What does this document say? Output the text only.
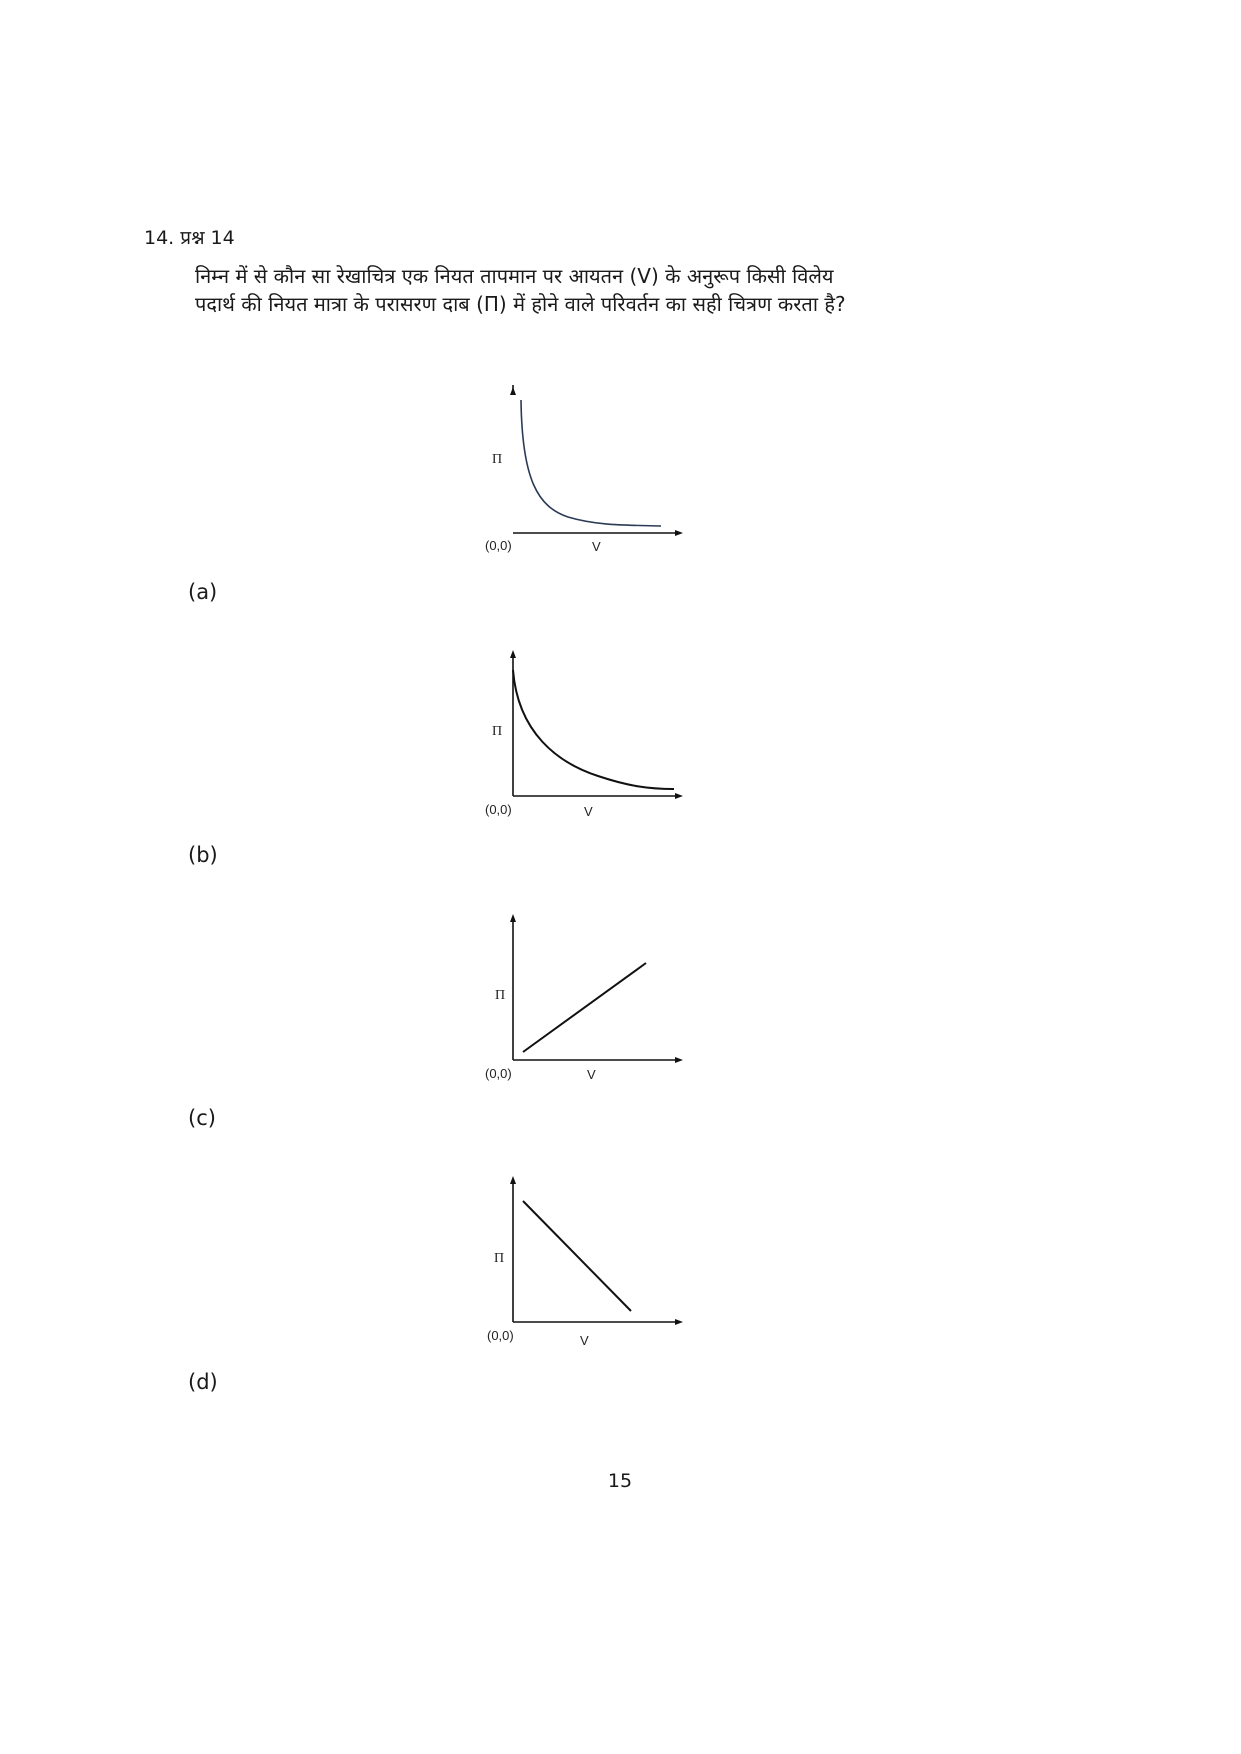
14. प्रश्न 14
निम्न में से कौन सा रेखाचित्र एक नियत तापमान पर आयतन (V) के अनुरूप किसी विलेय
पदार्थ की नियत मात्रा के परासरण दाब (Π) में होने वाले परिवर्तन का सही चित्रण करता है?
Π
(0,0)	V
(a)
Π
(0,0)	V
(b)
Π
(0,0)	V
(c)
Π
(0,0)	V
(d)
15
